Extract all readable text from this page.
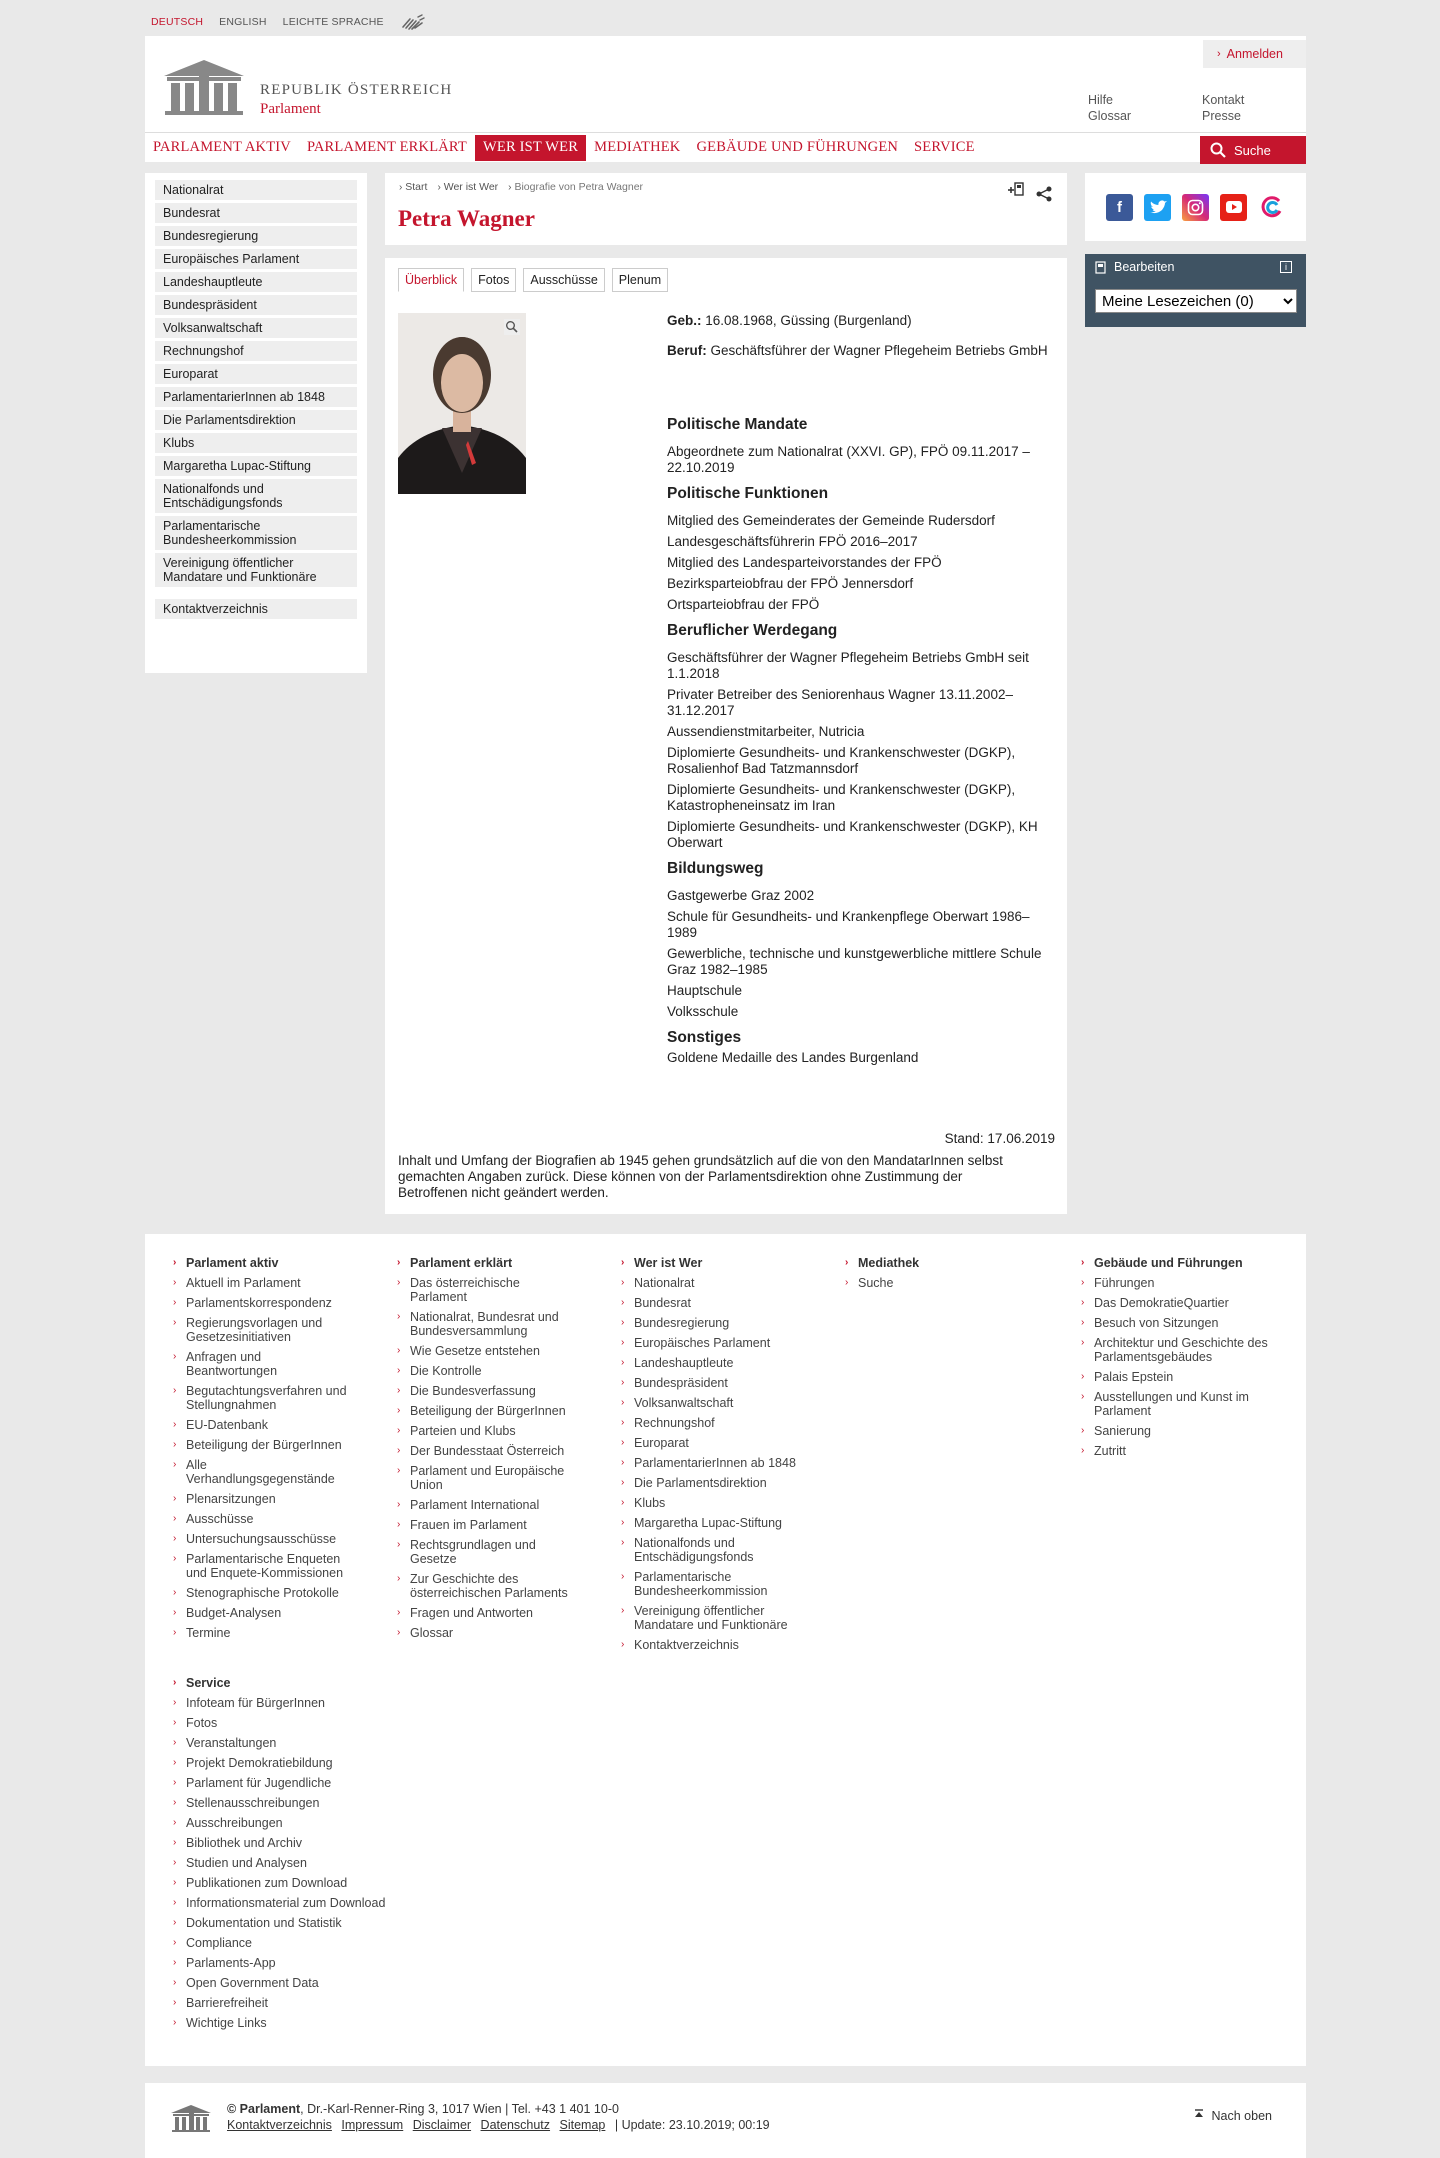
DEUTSCH ENGLISH LEICHTE SPRACHE
REPUBLIK ÖSTERREICH
Parlament
› Anmelden
Hilfe
Glossar
Kontakt
Presse
PARLAMENT AKTIV	PARLAMENT ERKLÄRT	WER IST WER	MEDIATHEK	GEBÄUDE UND FÜHRUNGEN	SERVICE	Suche
Nationalrat
Bundesrat
Bundesregierung
Europäisches Parlament
Landeshauptleute
Bundespräsident
Volksanwaltschaft
Rechnungshof
Europarat
ParlamentarierInnen ab 1848
Die Parlamentsdirektion
Klubs
Margaretha Lupac-Stiftung
Nationalfonds und Entschädigungsfonds
Parlamentarische Bundesheerkommission
Vereinigung öffentlicher Mandatare und Funktionäre
Kontaktverzeichnis
› Start › Wer ist Wer › Biografie von Petra Wagner
Petra Wagner
Überblick	Fotos	Ausschüsse	Plenum
Geb.: 16.08.1968, Güssing (Burgenland)
Beruf: Geschäftsführer der Wagner Pflegeheim Betriebs GmbH
Politische Mandate
Abgeordnete zum Nationalrat (XXVI. GP), FPÖ 09.11.2017 – 22.10.2019
Politische Funktionen
Mitglied des Gemeinderates der Gemeinde Rudersdorf
Landesgeschäftsführerin FPÖ 2016–2017
Mitglied des Landesparteivorstandes der FPÖ
Bezirksparteiobfrau der FPÖ Jennersdorf
Ortsparteiobfrau der FPÖ
Beruflicher Werdegang
Geschäftsführer der Wagner Pflegeheim Betriebs GmbH seit 1.1.2018
Privater Betreiber des Seniorenhaus Wagner 13.11.2002–31.12.2017
Aussendienstmitarbeiter, Nutricia
Diplomierte Gesundheits- und Krankenschwester (DGKP), Rosalienhof Bad Tatzmannsdorf
Diplomierte Gesundheits- und Krankenschwester (DGKP), Katastropheneinsatz im Iran
Diplomierte Gesundheits- und Krankenschwester (DGKP), KH Oberwart
Bildungsweg
Gastgewerbe Graz 2002
Schule für Gesundheits- und Krankenpflege Oberwart 1986–1989
Gewerbliche, technische und kunstgewerbliche mittlere Schule Graz 1982–1985
Hauptschule
Volksschule
Sonstiges
Goldene Medaille des Landes Burgenland
Stand: 17.06.2019
Inhalt und Umfang der Biografien ab 1945 gehen grundsätzlich auf die von den MandatarInnen selbst gemachten Angaben zurück. Diese können von der Parlamentsdirektion ohne Zustimmung der Betroffenen nicht geändert werden.
f
Bearbeiten	i
Meine Lesezeichen (0)
› Parlament aktiv
› Aktuell im Parlament
› Parlamentskorrespondenz
› Regierungsvorlagen und Gesetzesinitiativen
› Anfragen und Beantwortungen
› Begutachtungsverfahren und Stellungnahmen
› EU-Datenbank
› Beteiligung der BürgerInnen
› Alle Verhandlungsgegenstände
› Plenarsitzungen
› Ausschüsse
› Untersuchungsausschüsse
› Parlamentarische Enqueten und Enquete-Kommissionen
› Stenographische Protokolle
› Budget-Analysen
› Termine
› Parlament erklärt
› Das österreichische Parlament
› Nationalrat, Bundesrat und Bundesversammlung
› Wie Gesetze entstehen
› Die Kontrolle
› Die Bundesverfassung
› Beteiligung der BürgerInnen
› Parteien und Klubs
› Der Bundesstaat Österreich
› Parlament und Europäische Union
› Parlament International
› Frauen im Parlament
› Rechtsgrundlagen und Gesetze
› Zur Geschichte des österreichischen Parlaments
› Fragen und Antworten
› Glossar
› Wer ist Wer
› Nationalrat
› Bundesrat
› Bundesregierung
› Europäisches Parlament
› Landeshauptleute
› Bundespräsident
› Volksanwaltschaft
› Rechnungshof
› Europarat
› ParlamentarierInnen ab 1848
› Die Parlamentsdirektion
› Klubs
› Margaretha Lupac-Stiftung
› Nationalfonds und Entschädigungsfonds
› Parlamentarische Bundesheerkommission
› Vereinigung öffentlicher Mandatare und Funktionäre
› Kontaktverzeichnis
› Mediathek
› Suche
› Gebäude und Führungen
› Führungen
› Das DemokratieQuartier
› Besuch von Sitzungen
› Architektur und Geschichte des Parlamentsgebäudes
› Palais Epstein
› Ausstellungen und Kunst im Parlament
› Sanierung
› Zutritt
› Service
› Infoteam für BürgerInnen
› Fotos
› Veranstaltungen
› Projekt Demokratiebildung
› Parlament für Jugendliche
› Stellenausschreibungen
› Ausschreibungen
› Bibliothek und Archiv
› Studien und Analysen
› Publikationen zum Download
› Informationsmaterial zum Download
› Dokumentation und Statistik
› Compliance
› Parlaments-App
› Open Government Data
› Barrierefreiheit
› Wichtige Links
© Parlament, Dr.-Karl-Renner-Ring 3, 1017 Wien | Tel. +43 1 401 10-0
Kontaktverzeichnis Impressum Disclaimer Datenschutz Sitemap | Update: 23.10.2019; 00:19
Nach oben
